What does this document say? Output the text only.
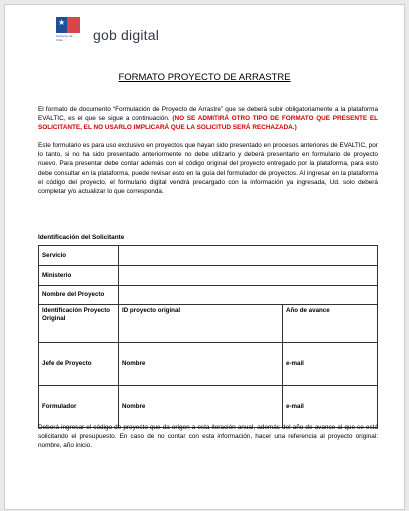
★
Gobierno de Chile	gob digital
FORMATO PROYECTO DE ARRASTRE
El formato de documento “Formulación de Proyecto de Arrastre” que se deberá subir obligatoriamente a la plataforma EVALTIC, es el que se sigue a continuación. (NO SE ADMITIRÁ OTRO TIPO DE FORMATO QUE PRESENTE EL SOLICITANTE, EL NO USARLO IMPLICARÁ QUE LA SOLICITUD SERÁ RECHAZADA.)
Este formulario es para uso exclusivo en proyectos que hayan sido presentado en procesos anteriores de EVALTIC, por lo tanto, si no ha sido presentado anteriormente no debe utilizarlo y deberá presentarlo en formulario de proyecto nuevo. Para presentar debe contar además con el código original del proyecto entregado por la plataforma, para esto debe consultar en la plataforma, puede revisar esto en la guía del formulador de proyectos. Al ingresar en la plataforma el código del proyecto, el formulario digital vendrá precargado con la información ya ingresada, Ud. solo deberá completar y/o actualizar lo que corresponda.
Identificación del Solicitante
Servicio		
Ministerio		
Nombre del Proyecto		
Identificación Proyecto Original	ID proyecto original	Año de avance
Jefe de Proyecto	Nombre	e-mail
Formulador	Nombre	e-mail
Deberá ingresar el código de proyecto que da origen a esta iteración anual, además del año de avance al que se está solicitando el presupuesto. En caso de no contar con esta información, hacer una referencia al proyecto original: nombre, año inicio.
